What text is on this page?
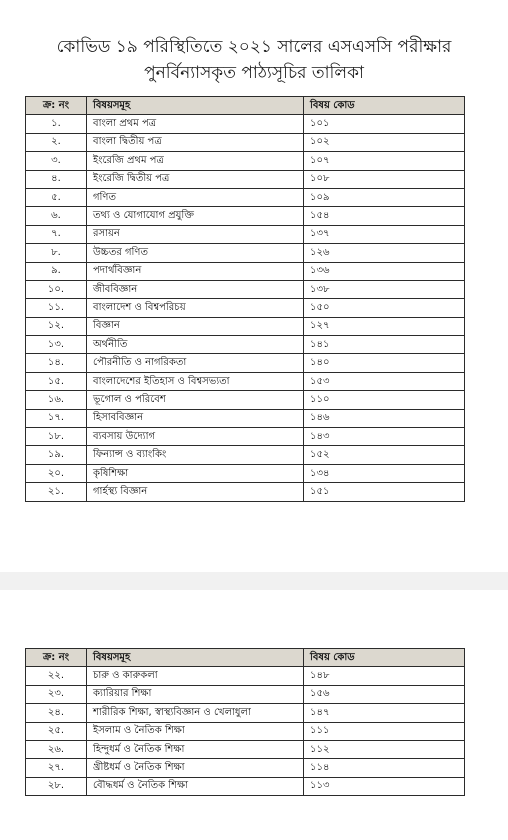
কোভিড ১৯ পরিস্থিতিতে ২০২১ সালের এসএসসি পরীক্ষার
পুনর্বিন্যাসকৃত পাঠ্যসূচির তালিকা
ক্র: নং	বিষয়সমূহ	বিষয় কোড
১.	বাংলা প্রথম পত্র	১০১
২.	বাংলা দ্বিতীয় পত্র	১০২
৩.	ইংরেজি প্রথম পত্র	১০৭
৪.	ইংরেজি দ্বিতীয় পত্র	১০৮
৫.	গণিত	১০৯
৬.	তথ্য ও যোগাযোগ প্রযুক্তি	১৫৪
৭.	রসায়ন	১৩৭
৮.	উচ্চতর গণিত	১২৬
৯.	পদার্থবিজ্ঞান	১৩৬
১০.	জীববিজ্ঞান	১৩৮
১১.	বাংলাদেশ ও বিশ্বপরিচয়	১৫০
১২.	বিজ্ঞান	১২৭
১৩.	অর্থনীতি	১৪১
১৪.	পৌরনীতি ও নাগরিকতা	১৪০
১৫.	বাংলাদেশের ইতিহাস ও বিশ্বসভ্যতা	১৫৩
১৬.	ভূগোল ও পরিবেশ	১১০
১৭.	হিসাববিজ্ঞান	১৪৬
১৮.	ব্যবসায় উদ্যোগ	১৪৩
১৯.	ফিন্যান্স ও ব্যাংকিং	১৫২
২০.	কৃষিশিক্ষা	১৩৪
২১.	গার্হস্থ্য বিজ্ঞান	১৫১
ক্র: নং	বিষয়সমূহ	বিষয় কোড
২২.	চারু ও কারুকলা	১৪৮
২৩.	ক্যারিয়ার শিক্ষা	১৫৬
২৪.	শারীরিক শিক্ষা, স্বাস্থ্যবিজ্ঞান ও খেলাধুলা	১৪৭
২৫.	ইসলাম ও নৈতিক শিক্ষা	১১১
২৬.	হিন্দুধর্ম ও নৈতিক শিক্ষা	১১২
২৭.	খ্রীষ্টধর্ম ও নৈতিক শিক্ষা	১১৪
২৮.	বৌদ্ধধর্ম ও নৈতিক শিক্ষা	১১৩
